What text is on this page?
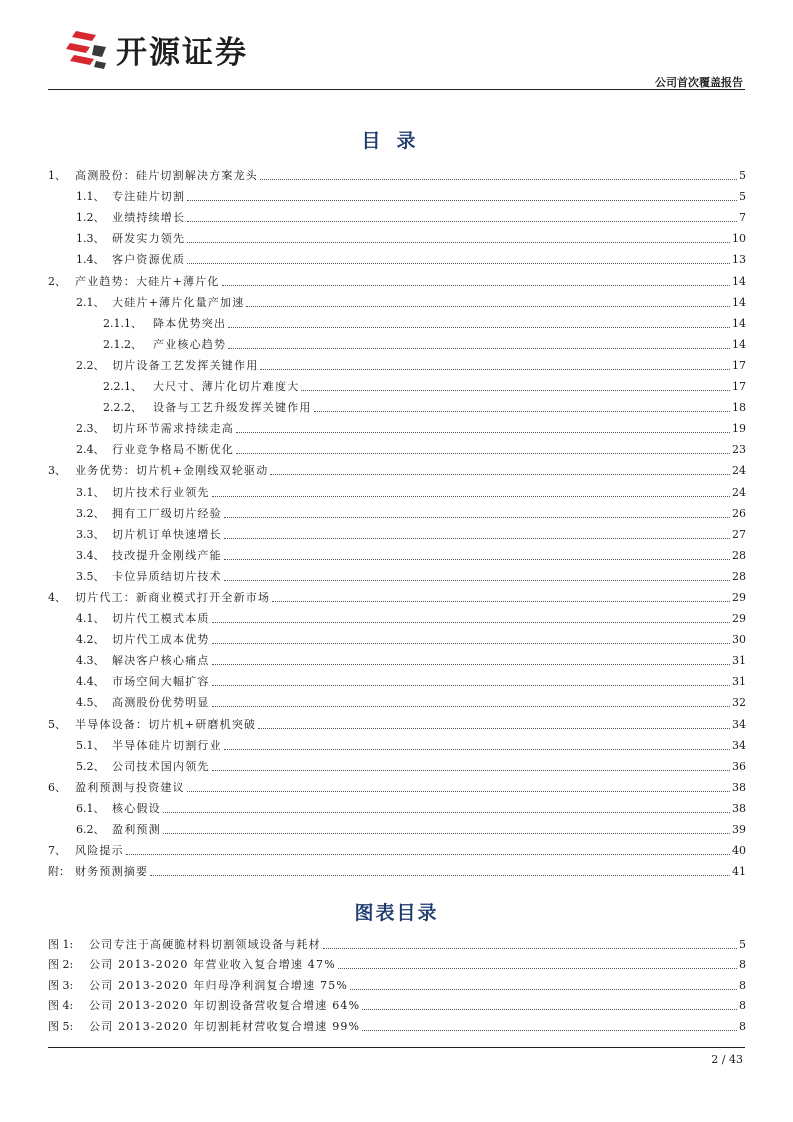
开源证券
公司首次覆盖报告
目录
1、 高测股份：硅片切割解决方案龙头	5
1.1、 专注硅片切割	5
1.2、 业绩持续增长	7
1.3、 研发实力领先	10
1.4、 客户资源优质	13
2、 产业趋势：大硅片+薄片化	14
2.1、 大硅片+薄片化量产加速	14
2.1.1、	降本优势突出	14
2.1.2、	产业核心趋势	14
2.2、 切片设备工艺发挥关键作用	17
2.2.1、	大尺寸、薄片化切片难度大	17
2.2.2、	设备与工艺升级发挥关键作用	18
2.3、 切片环节需求持续走高	19
2.4、 行业竞争格局不断优化	23
3、 业务优势：切片机+金刚线双轮驱动	24
3.1、 切片技术行业领先	24
3.2、 拥有工厂级切片经验	26
3.3、 切片机订单快速增长	27
3.4、 技改提升金刚线产能	28
3.5、 卡位异质结切片技术	28
4、 切片代工：新商业模式打开全新市场	29
4.1、 切片代工模式本质	29
4.2、 切片代工成本优势	30
4.3、 解决客户核心痛点	31
4.4、 市场空间大幅扩容	31
4.5、 高测股份优势明显	32
5、 半导体设备：切片机+研磨机突破	34
5.1、 半导体硅片切割行业	34
5.2、 公司技术国内领先	36
6、 盈利预测与投资建议	38
6.1、 核心假设	38
6.2、 盈利预测	39
7、 风险提示	40
附： 财务预测摘要	41
图表目录
图 1:	公司专注于高硬脆材料切割领域设备与耗材	5
图 2:	公司 2013-2020 年营业收入复合增速 47%	8
图 3:	公司 2013-2020 年归母净利润复合增速 75%	8
图 4:	公司 2013-2020 年切割设备营收复合增速 64%	8
图 5:	公司 2013-2020 年切割耗材营收复合增速 99%	8
2 / 43
